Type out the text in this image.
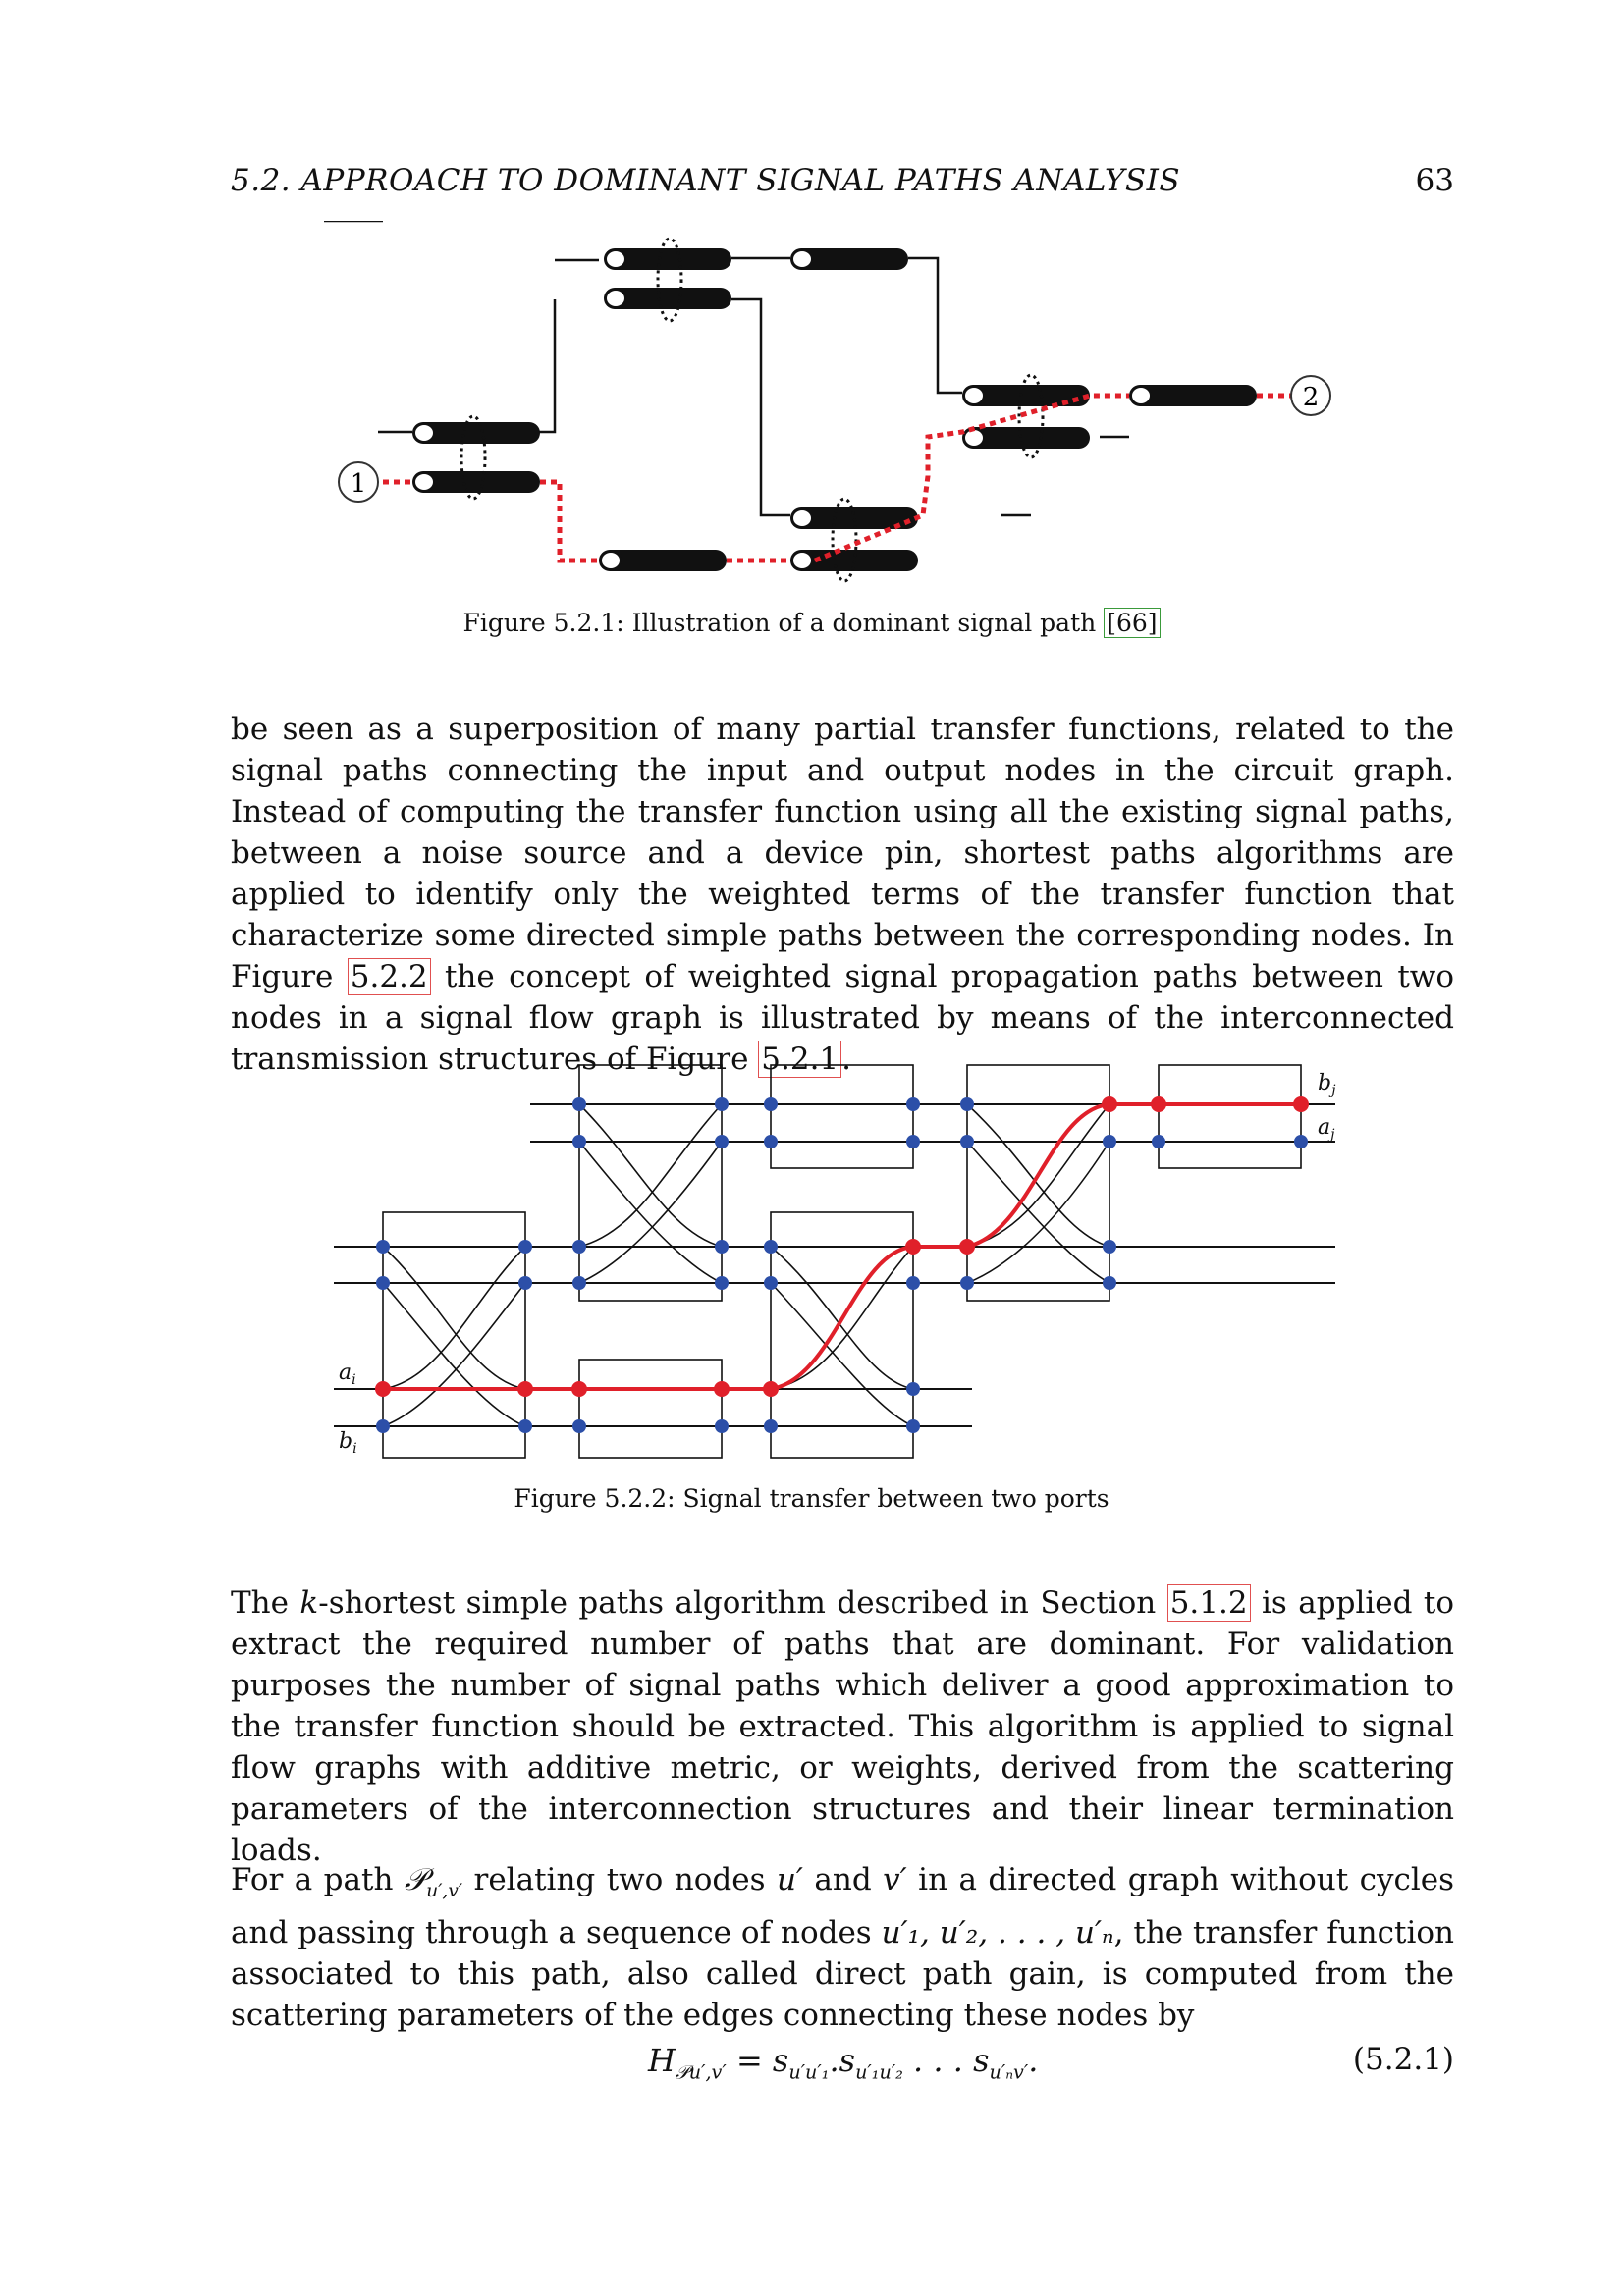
5.2. APPROACH TO DOMINANT SIGNAL PATHS ANALYSIS	63
1
2
Figure 5.2.1: Illustration of a dominant signal path [66]
be seen as a superposition of many partial transfer functions, related to the signal paths connecting the input and output nodes in the circuit graph. Instead of computing the transfer function using all the existing signal paths, between a noise source and a device pin, shortest paths algorithms are applied to identify only the weighted terms of the transfer function that characterize some directed simple paths between the corresponding nodes. In Figure 5.2.2 the concept of weighted signal propagation paths between two nodes in a signal flow graph is illustrated by means of the interconnected transmission structures of Figure 5.2.1.
$a_i$
$b_i$
$b_j$
$a_j$
Figure 5.2.2: Signal transfer between two ports
The k-shortest simple paths algorithm described in Section 5.1.2 is applied to extract the required number of paths that are dominant. For validation purposes the number of signal paths which deliver a good approximation to the transfer function should be extracted. This algorithm is applied to signal flow graphs with additive metric, or weights, derived from the scattering parameters of the interconnection structures and their linear termination loads.
For a path 𝒫$_{u',v'}$ relating two nodes u′ and v′ in a directed graph without cycles and passing through a sequence of nodes u′₁, u′₂, . . . , u′ₙ, the transfer function associated to this path, also called direct path gain, is computed from the scattering parameters of the edges connecting these nodes by
$H_{𝒫u',v'} = s_{u'u'_1}.s_{u'_1u'_2}$ . . . $s_{u'_nv'}$.	(5.2.1)
